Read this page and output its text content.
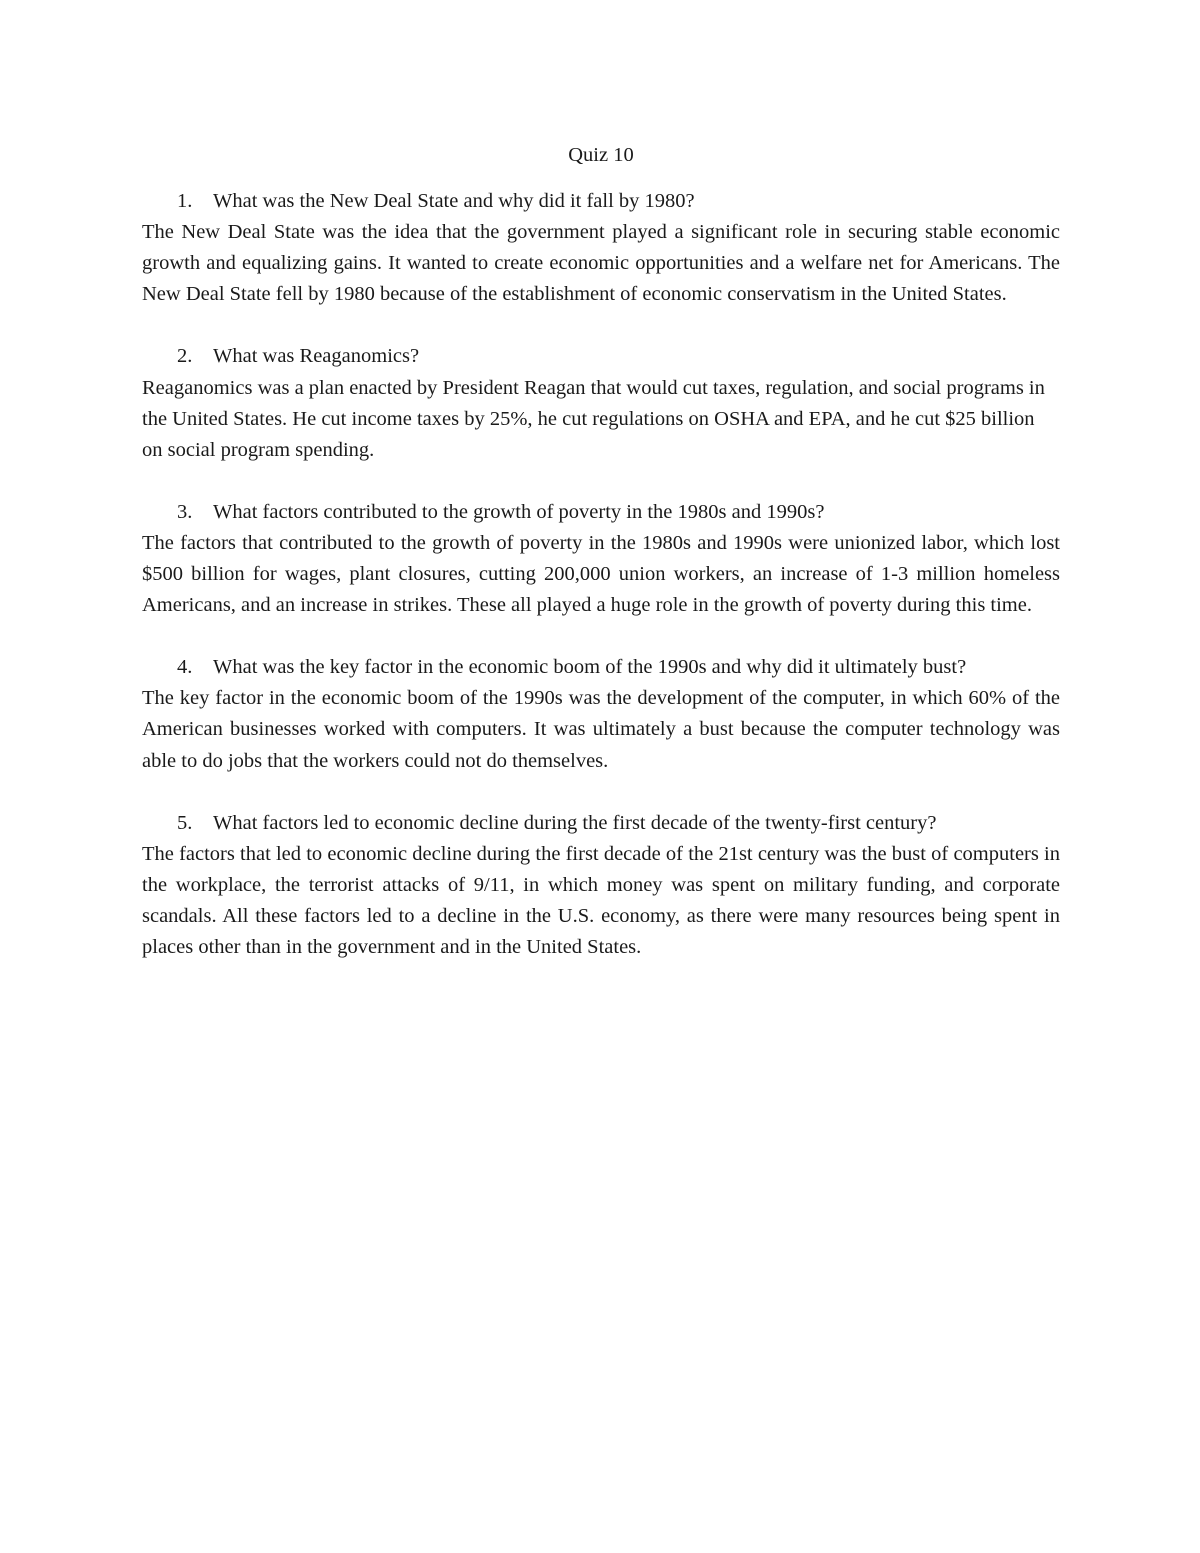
Quiz 10

1. What was the New Deal State and why did it fall by 1980?

The New Deal State was the idea that the government played a significant role in securing stable economic growth and equalizing gains. It wanted to create economic opportunities and a welfare net for Americans. The New Deal State fell by 1980 because of the establishment of economic conservatism in the United States.

2. What was Reaganomics?

Reaganomics was a plan enacted by President Reagan that would cut taxes, regulation, and social programs in the United States. He cut income taxes by 25%, he cut regulations on OSHA and EPA, and he cut $25 billion on social program spending.

3. What factors contributed to the growth of poverty in the 1980s and 1990s?

The factors that contributed to the growth of poverty in the 1980s and 1990s were unionized labor, which lost $500 billion for wages, plant closures, cutting 200,000 union workers, an increase of 1-3 million homeless Americans, and an increase in strikes. These all played a huge role in the growth of poverty during this time.

4. What was the key factor in the economic boom of the 1990s and why did it ultimately bust?

The key factor in the economic boom of the 1990s was the development of the computer, in which 60% of the American businesses worked with computers. It was ultimately a bust because the computer technology was able to do jobs that the workers could not do themselves.

5. What factors led to economic decline during the first decade of the twenty-first century?

The factors that led to economic decline during the first decade of the 21st century was the bust of computers in the workplace, the terrorist attacks of 9/11, in which money was spent on military funding, and corporate scandals. All these factors led to a decline in the U.S. economy, as there were many resources being spent in places other than in the government and in the United States.
